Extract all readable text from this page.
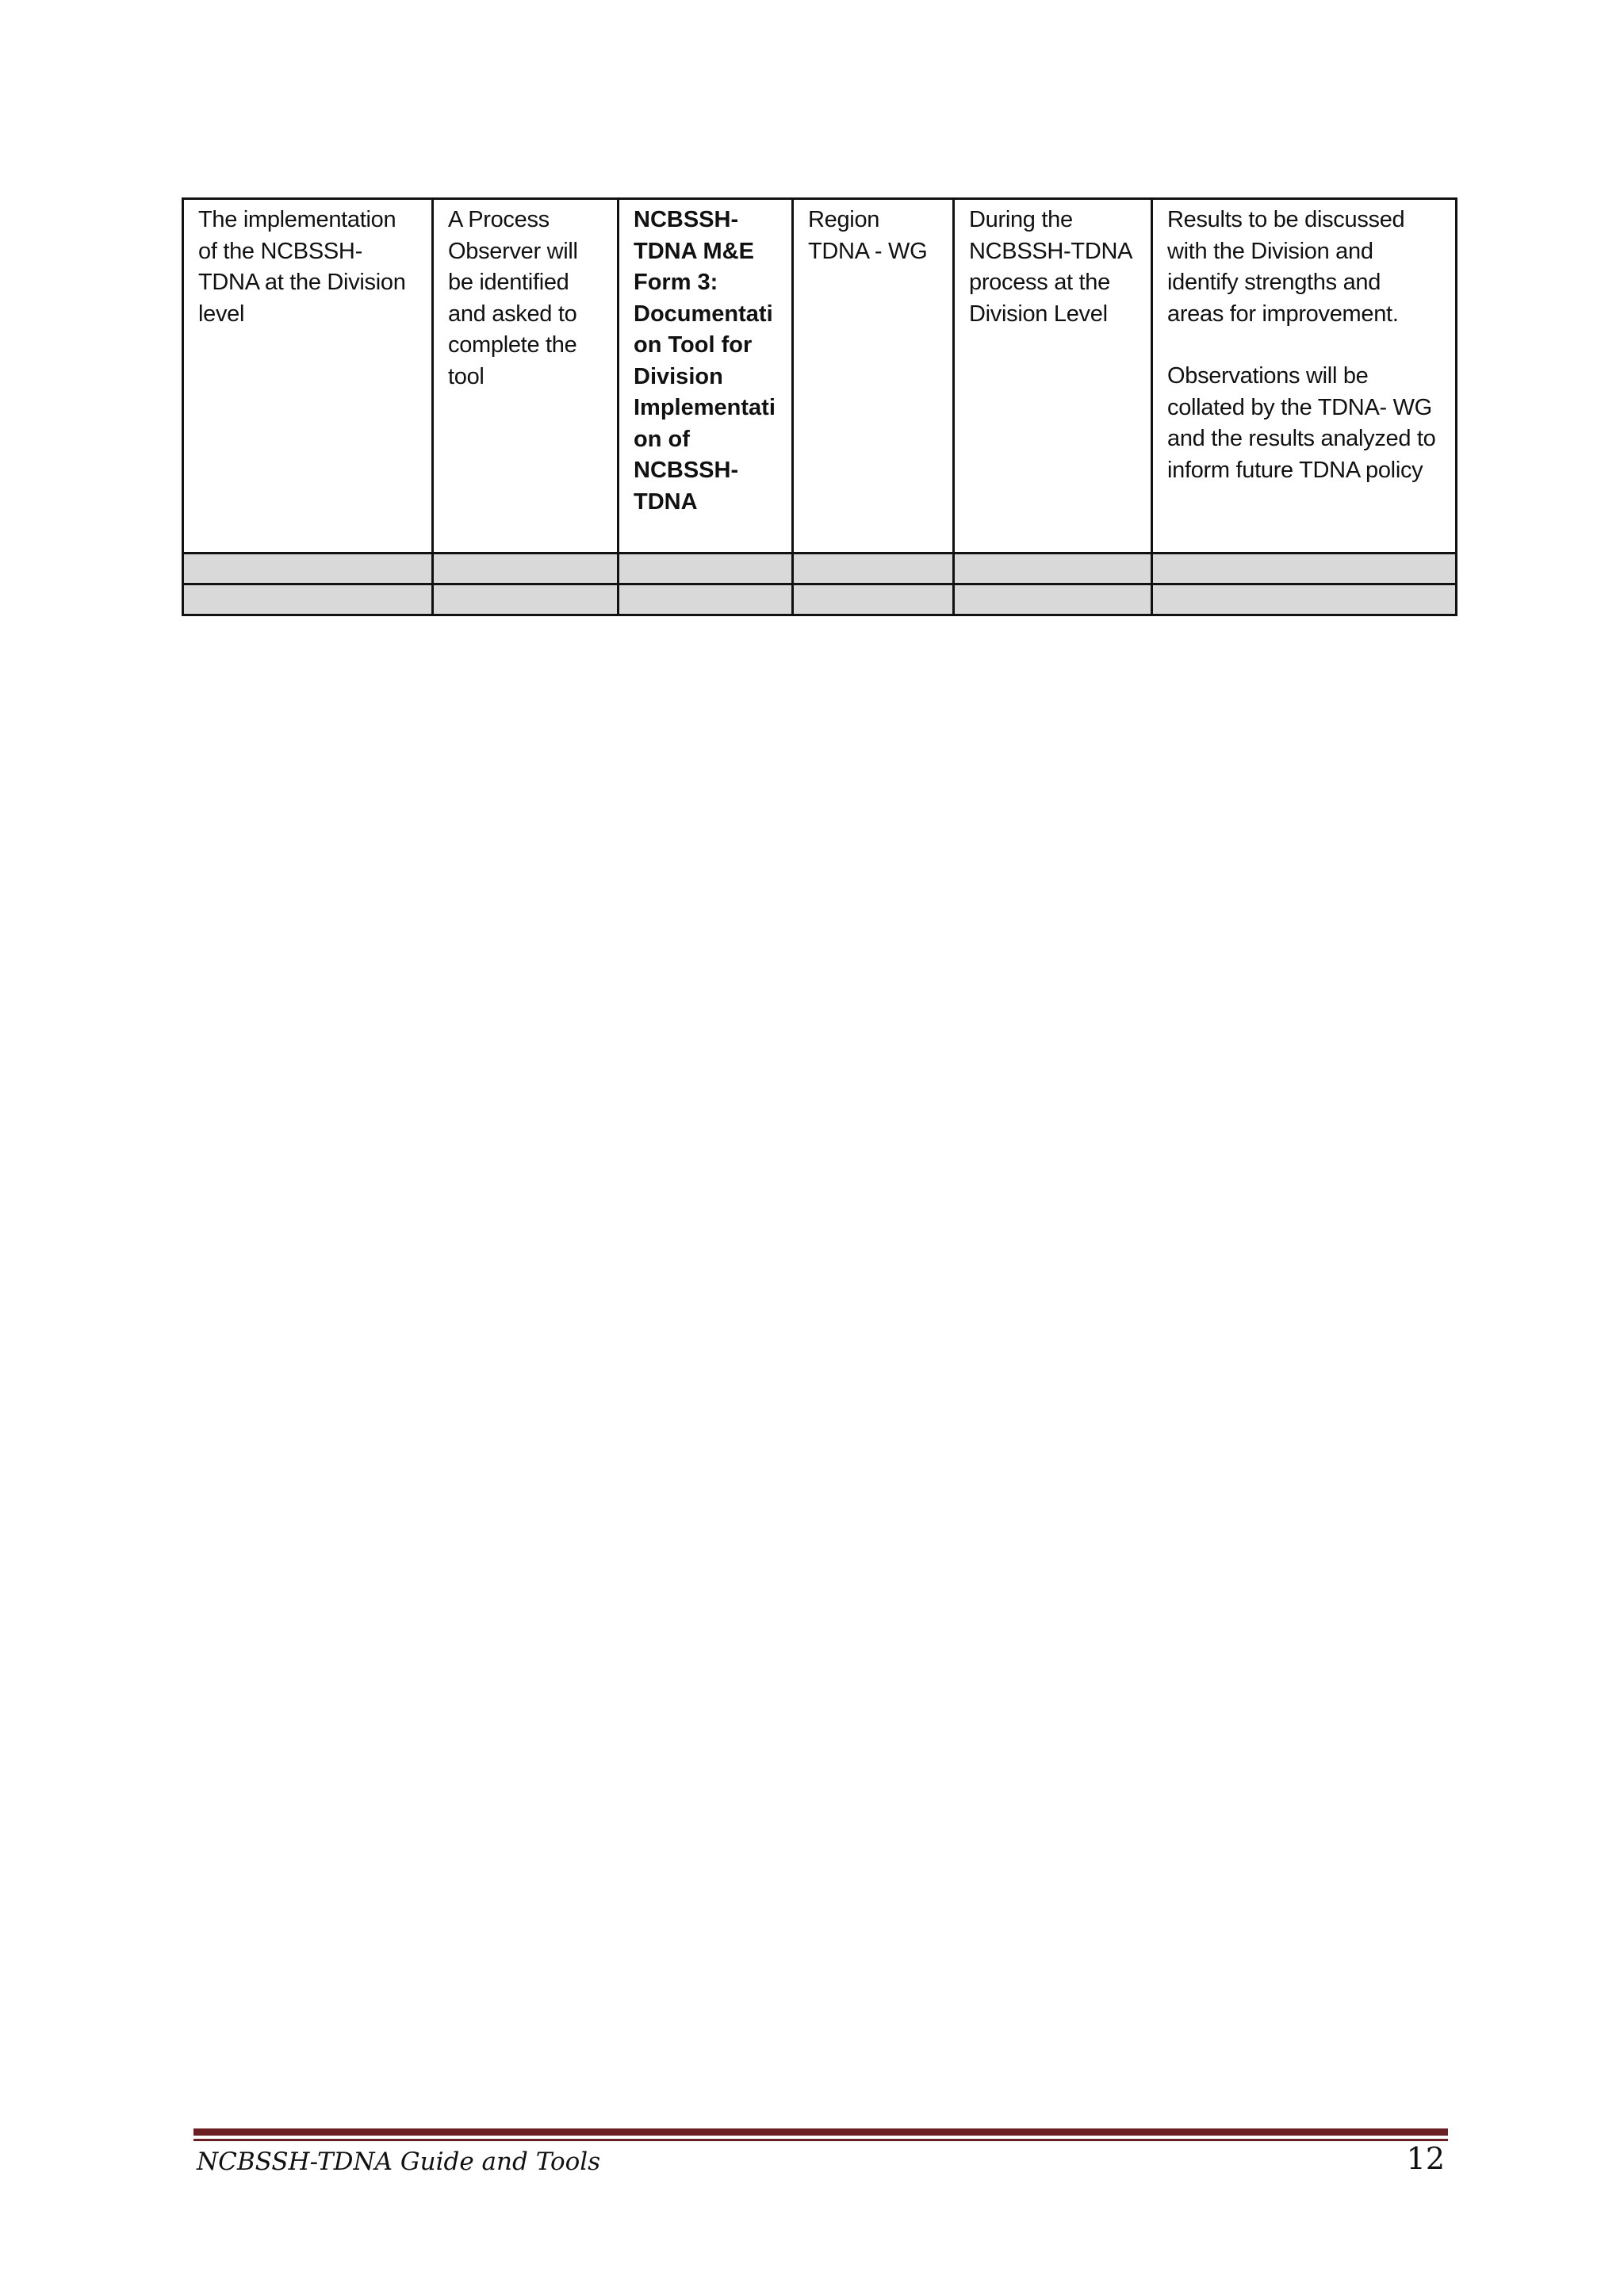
The implementation of the NCBSSH-TDNA at the Division level	A Process Observer will be identified and asked to complete the tool	NCBSSH-TDNA M&E Form 3: Documentation Tool for Division Implementation of NCBSSH-TDNA	Region TDNA - WG	During the NCBSSH-TDNA process at the Division Level	Results to be discussed with the Division and identify strengths and areas for improvement.
Observations will be collated by the TDNA- WG and the results analyzed to inform future TDNA policy

NCBSSH-TDNA Guide and Tools	12
